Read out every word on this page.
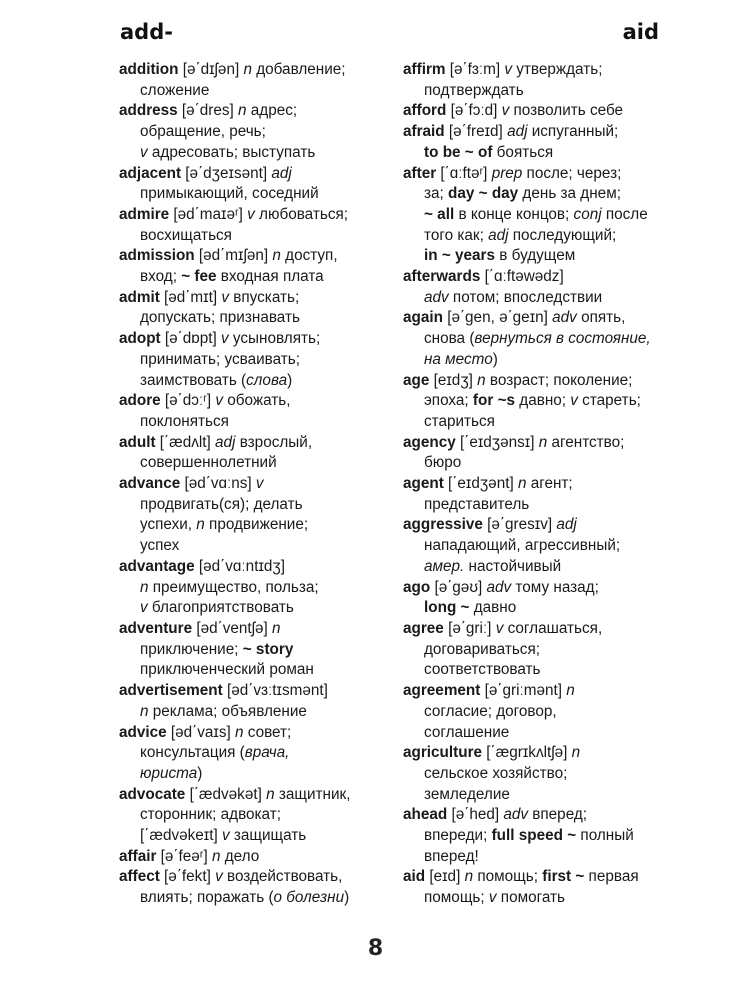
add-	aid
addition [ə΄dɪʃən] n добавление;
сложение
address [ə΄dres] n адрес;
обращение, речь;
v адресовать; выступать
adjacent [ə΄dʒeɪsənt] adj
примыкающий, соседний
admire [əd΄maɪəʳ] v любоваться;
восхищаться
admission [əd΄mɪʃən] n доступ,
вход; ~ fee входная плата
admit [əd΄mɪt] v впускать;
допускать; признавать
adopt [ə΄dɒpt] v усыновлять;
принимать; усваивать;
заимствовать (слова)
adore [ə΄dɔːʳ] v обожать,
поклоняться
adult [΄ædʌlt] adj взрослый,
совершеннолетний
advance [əd΄vɑːns] v
продвигать(ся); делать
успехи, n продвижение;
успех
advantage [əd΄vɑːntɪdʒ]
n преимущество, польза;
v благоприятствовать
adventure [əd΄ventʃə] n
приключение; ~ story
приключенческий роман
advertisement [əd΄vɜːtɪsmənt]
n реклама; объявление
advice [əd΄vaɪs] n совет;
консультация (врача,
юриста)
advocate [΄ædvəkət] n защитник,
сторонник; адвокат;
[΄ædvəkeɪt] v защищать
affair [ə΄feəʳ] n дело
affect [ə΄fekt] v воздействовать,
влиять; поражать (о болезни)
affirm [ə΄fɜːm] v утверждать;
подтверждать
afford [ə΄fɔːd] v позволить себе
afraid [ə΄freɪd] adj испуганный;
to be ~ of бояться
after [΄ɑːftəʳ] prep после; через;
за; day ~ day день за днем;
~ all в конце концов; conj после
того как; adj последующий;
in ~ years в будущем
afterwards [΄ɑːftəwədz]
adv потом; впоследствии
again [ə΄gen, ə΄geɪn] adv опять,
снова (вернуться в состояние,
на место)
age [eɪdʒ] n возраст; поколение;
эпоха; for ~s давно; v стареть;
стариться
agency [΄eɪdʒənsɪ] n агентство;
бюро
agent [΄eɪdʒənt] n агент;
представитель
aggressive [ə΄gresɪv] adj
нападающий, агрессивный;
амер. настойчивый
ago [ə΄gəʊ] adv тому назад;
long ~ давно
agree [ə΄griː] v соглашаться,
договариваться;
соответствовать
agreement [ə΄griːmənt] n
согласие; договор,
соглашение
agriculture [΄ægrɪkʌltʃə] n
сельское хозяйство;
земледелие
ahead [ə΄hed] adv вперед;
впереди; full speed ~ полный
вперед!
aid [eɪd] n помощь; first ~ первая
помощь; v помогать
8
